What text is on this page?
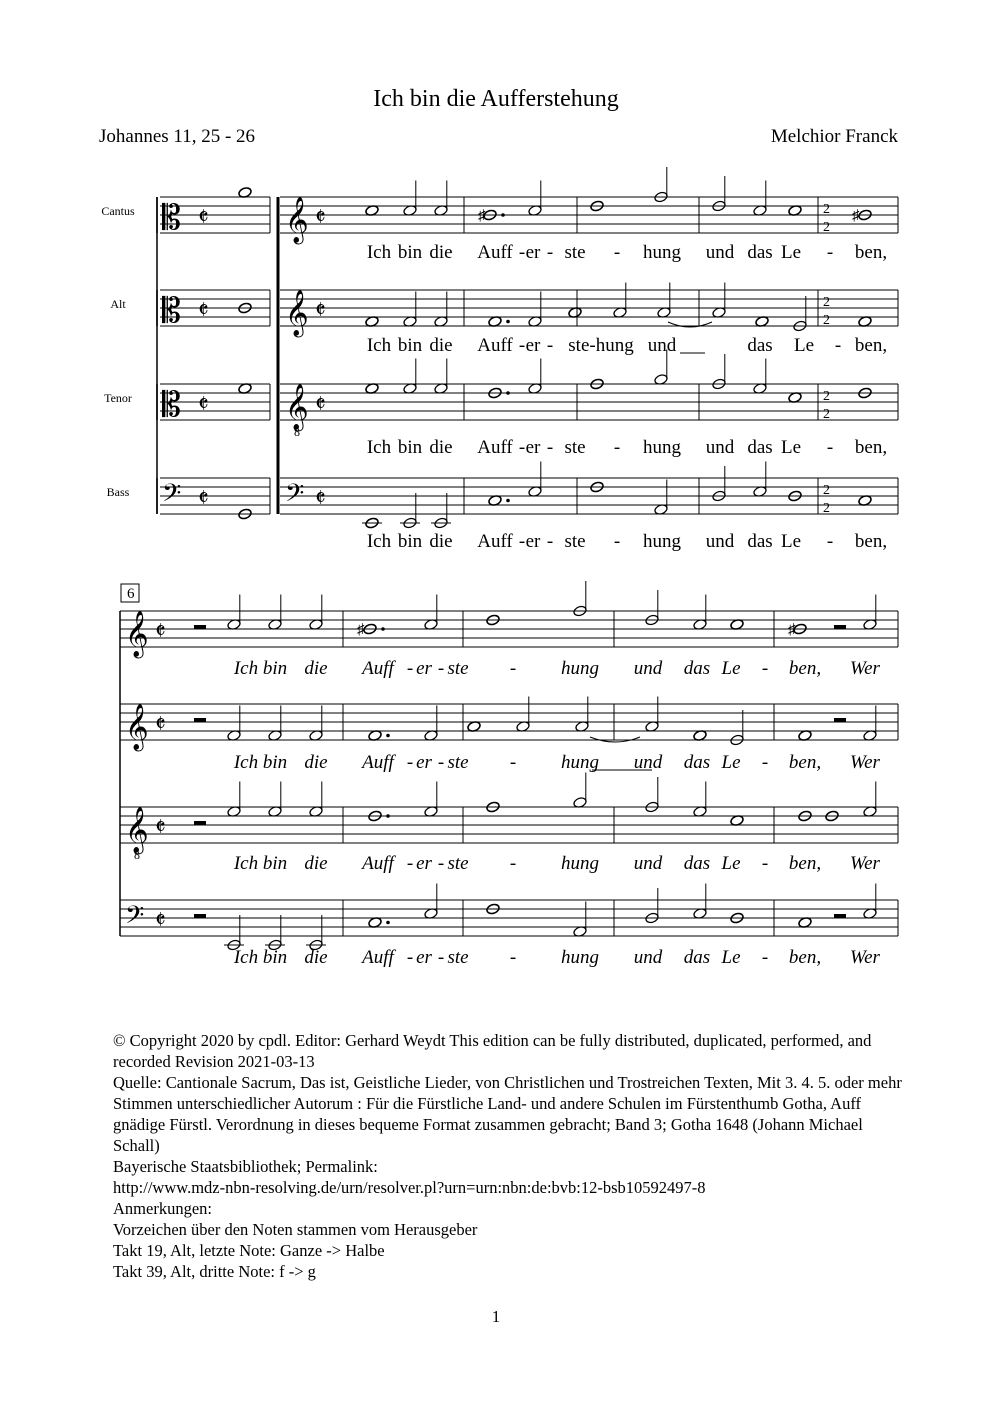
Ich bin die Aufferstehung
Johannes 11, 25 - 26	Melchior Franck
𝄡
𝄡
𝄡
𝄢
𝄵 𝄞 𝄵	2
2
𝄵 𝄞 𝄵	2
2
𝄵 𝄞 𝄵	2
2
𝄵	𝄢 𝄵	2
2
8
♯	♯
𝄞 𝄵
𝄞 𝄵
𝄞 𝄵
𝄢 𝄵
8
♯	♯
Cantus
Alt
Tenor
Bass
Ich bin die Auff - er - ste - hung und das Le - ben,
Ich bin die Auff - er - ste-hung und	das Le - ben,
Ich bin die Auff - er - ste - hung und das Le - ben,
Ich bin die Auff - er - ste - hung und das Le - ben,
Ich bin die Auff - er - ste - hung und das Le - ben, Wer
Ich bin die Auff - er - ste - hung und das Le - ben, Wer
Ich bin die Auff - er - ste - hung und das Le - ben, Wer
Ich bin die Auff - er - ste - hung und das Le - ben, Wer
6
© Copyright 2020 by cpdl. Editor: Gerhard Weydt This edition can be fully distributed, duplicated, performed, and recorded Revision 2021-03-13
Quelle: Cantionale Sacrum, Das ist, Geistliche Lieder, von Christlichen und Trostreichen Texten, Mit 3. 4. 5. oder mehr Stimmen unterschiedlicher Autorum : Für die Fürstliche Land- und andere Schulen im Fürstenthumb Gotha, Auff gnädige Fürstl. Verordnung in dieses bequeme Format zusammen gebracht; Band 3; Gotha 1648 (Johann Michael Schall)
Bayerische Staatsbibliothek; Permalink:
http://www.mdz-nbn-resolving.de/urn/resolver.pl?urn=urn:nbn:de:bvb:12-bsb10592497-8
Anmerkungen:
Vorzeichen über den Noten stammen vom Herausgeber
Takt 19, Alt, letzte Note: Ganze -> Halbe
Takt 39, Alt, dritte Note: f -> g
1
